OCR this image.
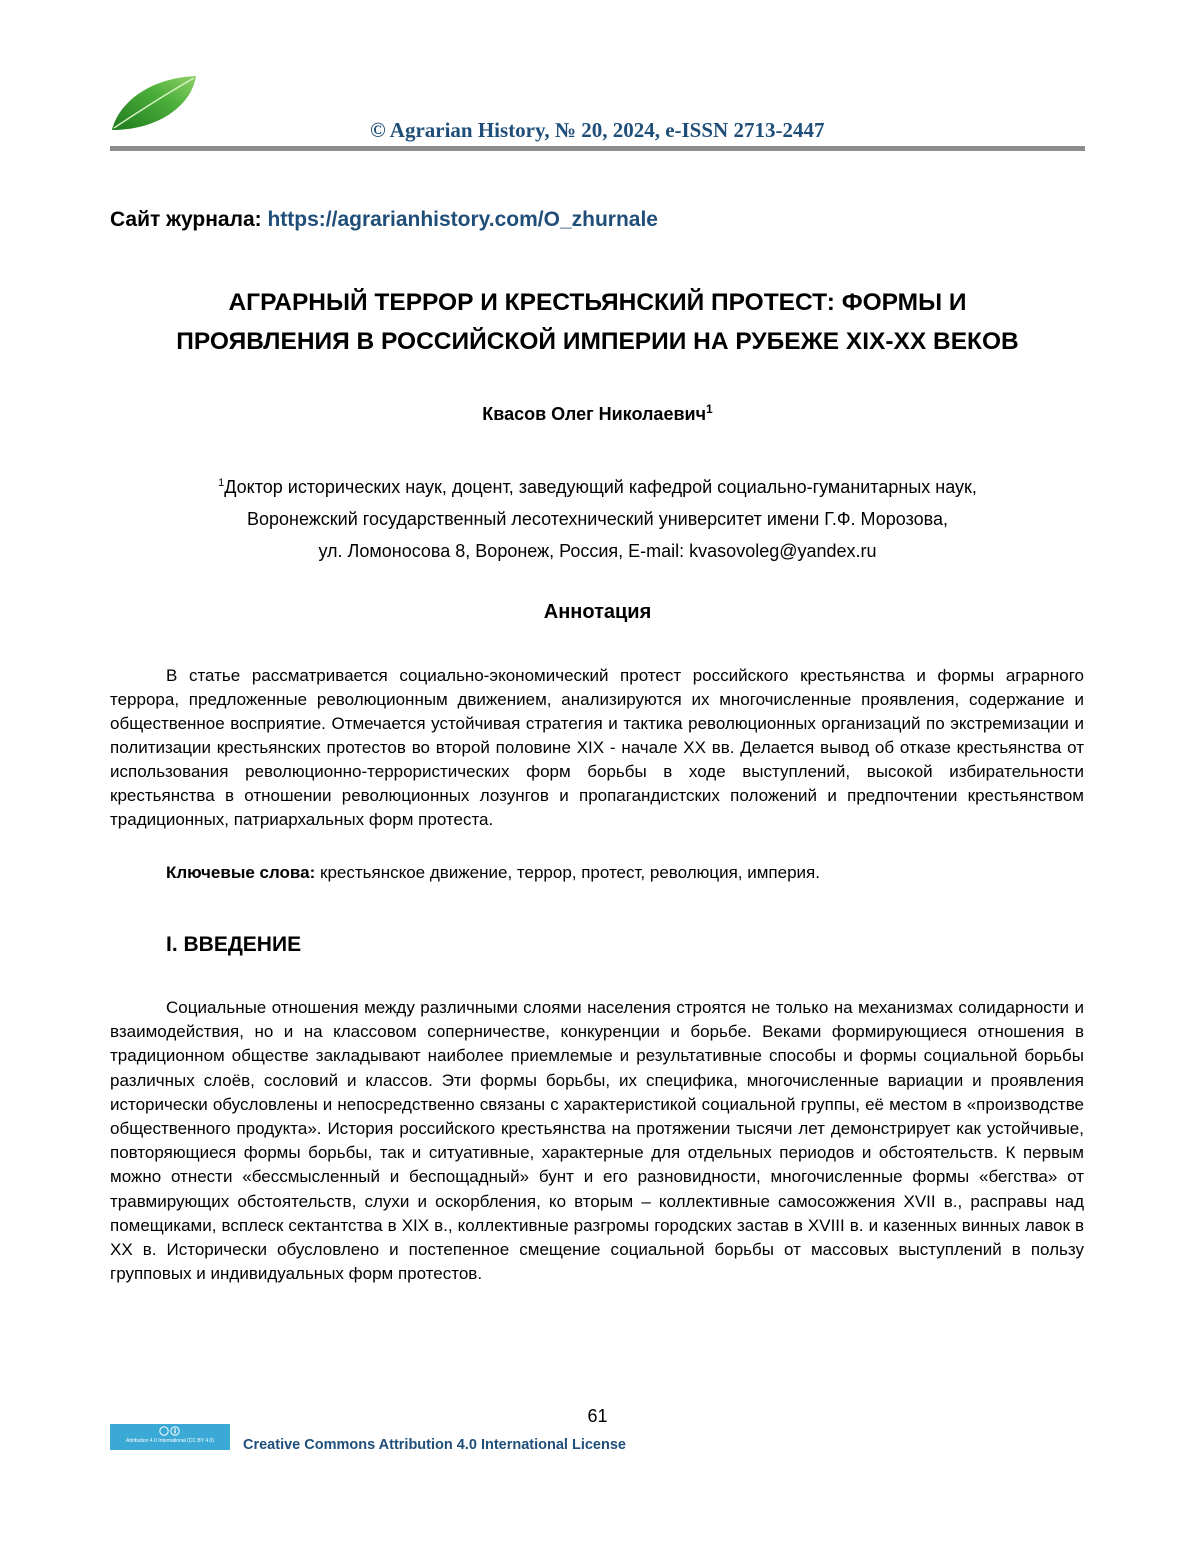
© Agrarian History, № 20, 2024, e-ISSN 2713-2447
Сайт журнала: https://agrarianhistory.com/O_zhurnale
АГРАРНЫЙ ТЕРРОР И КРЕСТЬЯНСКИЙ ПРОТЕСТ: ФОРМЫ И
ПРОЯВЛЕНИЯ В РОССИЙСКОЙ ИМПЕРИИ НА РУБЕЖЕ XIX-XX ВЕКОВ
Квасов Олег Николаевич$^1$
$^1$Доктор исторических наук, доцент, заведующий кафедрой социально-гуманитарных наук,
Воронежский государственный лесотехнический университет имени Г.Ф. Морозова,
ул. Ломоносова 8, Воронеж, Россия, E-mail: kvasovoleg@yandex.ru
Аннотация

В статье рассматривается социально-экономический протест российского крестьянства и формы аграрного террора, предложенные революционным движением, анализируются их многочисленные проявления, содержание и общественное восприятие. Отмечается устойчивая стратегия и тактика революционных организаций по экстремизации и политизации крестьянских протестов во второй половине XIX - начале XX вв. Делается вывод об отказе крестьянства от использования революционно-террористических форм борьбы в ходе выступлений, высокой избирательности крестьянства в отношении революционных лозунгов и пропагандистских положений и предпочтении крестьянством традиционных, патриархальных форм протеста.

Ключевые слова: крестьянское движение, террор, протест, революция, империя.
I. ВВЕДЕНИЕ

Социальные отношения между различными слоями населения строятся не только на механизмах солидарности и взаимодействия, но и на классовом соперничестве, конкуренции и борьбе. Веками формирующиеся отношения в традиционном обществе закладывают наиболее приемлемые и результативные способы и формы социальной борьбы различных слоёв, сословий и классов. Эти формы борьбы, их специфика, многочисленные вариации и проявления исторически обусловлены и непосредственно связаны с характеристикой социальной группы, её местом в «производстве общественного продукта». История российского крестьянства на протяжении тысячи лет демонстрирует как устойчивые, повторяющиеся формы борьбы, так и ситуативные, характерные для отдельных периодов и обстоятельств. К первым можно отнести «бессмысленный и беспощадный» бунт и его разновидности, многочисленные формы «бегства» от травмирующих обстоятельств, слухи и оскорбления, ко вторым – коллективные самосожжения XVII в., расправы над помещиками, всплеск сектантства в XIX в., коллективные разгромы городских застав в XVIII в. и казенных винных лавок в XX в. Исторически обусловлено и постепенное смещение социальной борьбы от массовых выступлений в пользу групповых и индивидуальных форм протестов.

61
Attribution 4.0 International (CC BY 4.0)	Creative Commons Attribution 4.0 International License
